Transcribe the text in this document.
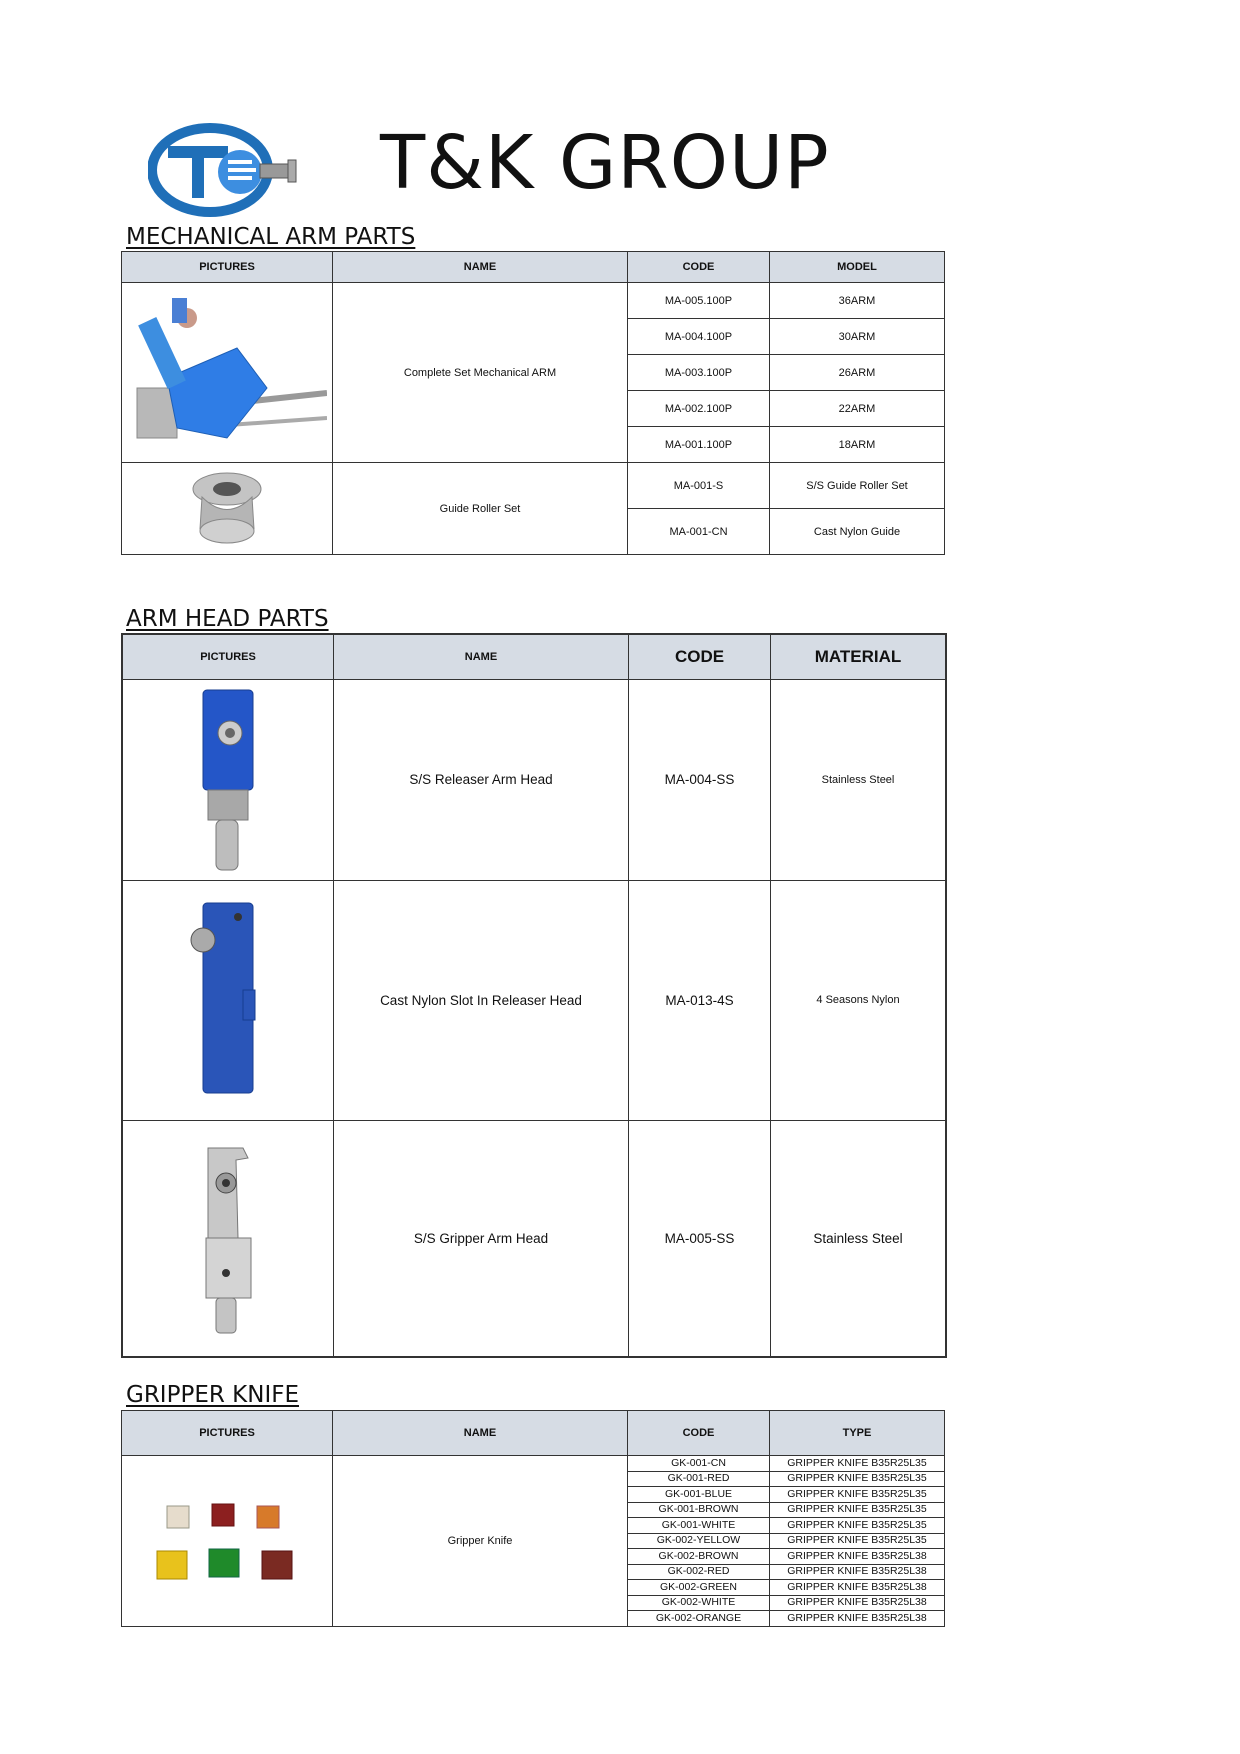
T&K GROUP
MECHANICAL ARM PARTS
PICTURES	NAME	CODE	MODEL

	Complete Set Mechanical ARM	MA-005.100P	36ARM
		MA-004.100P	30ARM
		MA-003.100P	26ARM
		MA-002.100P	22ARM
		MA-001.100P	18ARM

	Guide Roller Set	MA-001-S	S/S Guide Roller Set
		MA-001-CN	Cast Nylon Guide
ARM HEAD PARTS
PICTURES	NAME	CODE	MATERIAL

	S/S Releaser Arm Head	MA-004-SS	Stainless Steel

	Cast Nylon Slot In Releaser Head	MA-013-4S	4 Seasons Nylon

	S/S Gripper Arm Head	MA-005-SS	Stainless Steel
GRIPPER KNIFE
PICTURES	NAME	CODE	TYPE

	Gripper Knife	GK-001-CN	GRIPPER KNIFE B35R25L35
		GK-001-RED	GRIPPER KNIFE B35R25L35
		GK-001-BLUE	GRIPPER KNIFE B35R25L35
		GK-001-BROWN	GRIPPER KNIFE B35R25L35
		GK-001-WHITE	GRIPPER KNIFE B35R25L35
		GK-002-YELLOW	GRIPPER KNIFE B35R25L35
		GK-002-BROWN	GRIPPER KNIFE B35R25L38
		GK-002-RED	GRIPPER KNIFE B35R25L38
		GK-002-GREEN	GRIPPER KNIFE B35R25L38
		GK-002-WHITE	GRIPPER KNIFE B35R25L38
		GK-002-ORANGE	GRIPPER KNIFE B35R25L38
